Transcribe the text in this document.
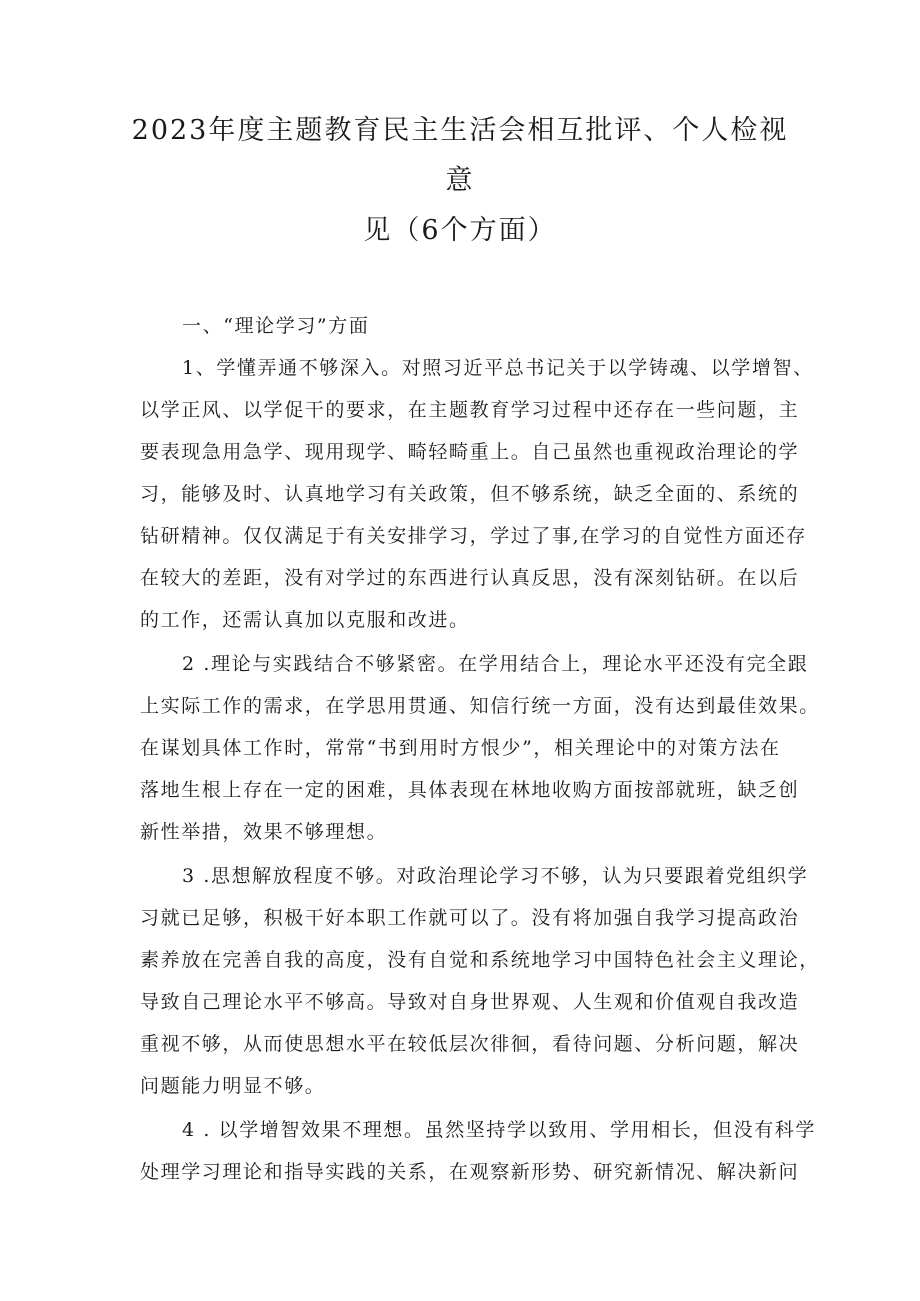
2023年度主题教育民主生活会相互批评、个人检视
意
见（6个方面）
一、“理论学习”方面
1、学懂弄通不够深入。对照习近平总书记关于以学铸魂、以学增智、
以学正风、以学促干的要求，在主题教育学习过程中还存在一些问题，主
要表现急用急学、现用现学、畸轻畸重上。自己虽然也重视政治理论的学
习，能够及时、认真地学习有关政策，但不够系统，缺乏全面的、系统的
钻研精神。仅仅满足于有关安排学习，学过了事,在学习的自觉性方面还存
在较大的差距，没有对学过的东西进行认真反思，没有深刻钻研。在以后
的工作，还需认真加以克服和改进。
2 .理论与实践结合不够紧密。在学用结合上，理论水平还没有完全跟
上实际工作的需求，在学思用贯通、知信行统一方面，没有达到最佳效果。
在谋划具体工作时，常常“书到用时方恨少”，相关理论中的对策方法在
落地生根上存在一定的困难，具体表现在林地收购方面按部就班，缺乏创
新性举措，效果不够理想。
3 .思想解放程度不够。对政治理论学习不够，认为只要跟着党组织学
习就已足够，积极干好本职工作就可以了。没有将加强自我学习提高政治
素养放在完善自我的高度，没有自觉和系统地学习中国特色社会主义理论，
导致自己理论水平不够高。导致对自身世界观、人生观和价值观自我改造
重视不够，从而使思想水平在较低层次徘徊，看待问题、分析问题，解决
问题能力明显不够。
4 . 以学增智效果不理想。虽然坚持学以致用、学用相长，但没有科学
处理学习理论和指导实践的关系，在观察新形势、研究新情况、解决新问
